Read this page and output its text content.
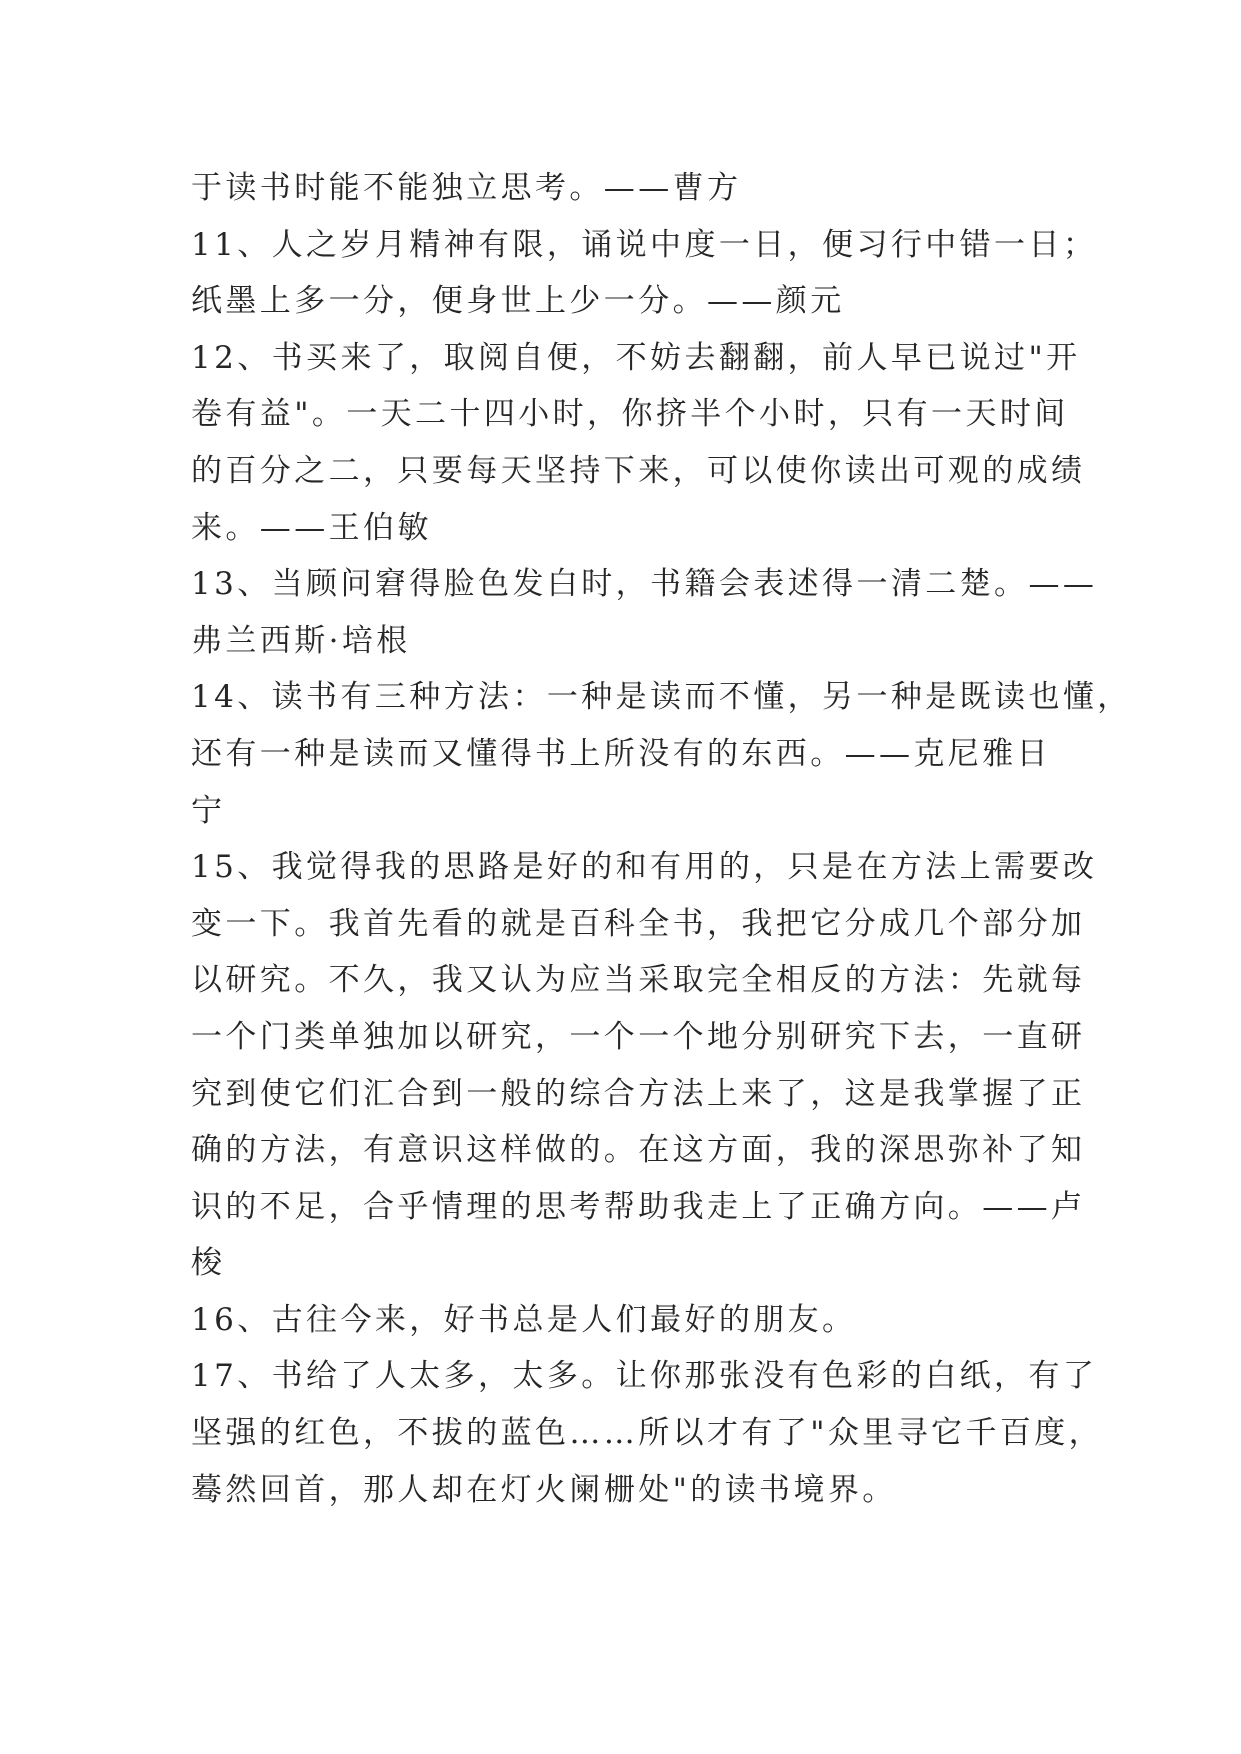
于读书时能不能独立思考。——曹方
11、人之岁月精神有限，诵说中度一日，便习行中错一日；
纸墨上多一分，便身世上少一分。——颜元
12、书买来了，取阅自便，不妨去翻翻，前人早已说过"开
卷有益"。一天二十四小时，你挤半个小时，只有一天时间
的百分之二，只要每天坚持下来，可以使你读出可观的成绩
来。——王伯敏
13、当顾问窘得脸色发白时，书籍会表述得一清二楚。——
弗兰西斯·培根
14、读书有三种方法：一种是读而不懂，另一种是既读也懂，
还有一种是读而又懂得书上所没有的东西。——克尼雅日
宁
15、我觉得我的思路是好的和有用的，只是在方法上需要改
变一下。我首先看的就是百科全书，我把它分成几个部分加
以研究。不久，我又认为应当采取完全相反的方法：先就每
一个门类单独加以研究，一个一个地分别研究下去，一直研
究到使它们汇合到一般的综合方法上来了，这是我掌握了正
确的方法，有意识这样做的。在这方面，我的深思弥补了知
识的不足，合乎情理的思考帮助我走上了正确方向。——卢
梭
16、古往今来，好书总是人们最好的朋友。
17、书给了人太多，太多。让你那张没有色彩的白纸，有了
坚强的红色，不拔的蓝色……所以才有了"众里寻它千百度，
蓦然回首，那人却在灯火阑栅处"的读书境界。
